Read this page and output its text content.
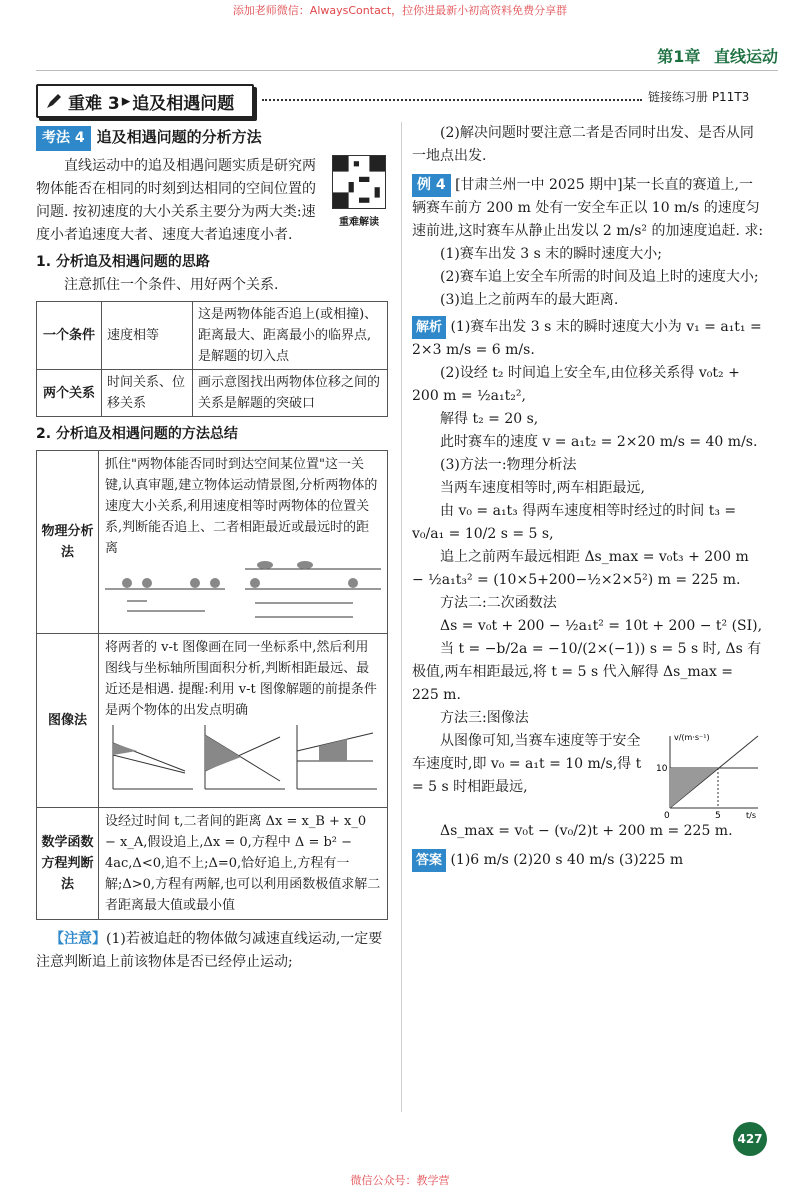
添加老师微信：AlwaysContact，拉你进最新小初高资料免费分享群
第1章 直线运动
重难 3 ▸ 追及相遇问题	链接练习册 P11T3
考法 4 追及相遇问题的分析方法

直线运动中的追及相遇问题实质是研究两物体能否在相同的时刻到达相同的空间位置的问题. 按初速度的大小关系主要分为两大类:速度小者追速度大者、速度大者追速度小者.

重难解读

1. 分析追及相遇问题的思路

注意抓住一个条件、用好两个关系.

一个条件	速度相等	这是两物体能否追上(或相撞)、距离最大、距离最小的临界点,是解题的切入点
两个关系	时间关系、位移关系	画示意图找出两物体位移之间的关系是解题的突破口

2. 分析追及相遇问题的方法总结

物理分析法	抓住"两物体能否同时到达空间某位置"这一关键,认真审题,建立物体运动情景图,分析两物体的速度大小关系,利用速度相等时两物体的位置关系,判断能否追上、二者相距最近或最远时的距离

图像法	将两者的 v-t 图像画在同一坐标系中,然后利用图线与坐标轴所围面积分析,判断相距最远、最近还是相遇. 提醒:利用 v-t 图像解题的前提条件是两个物体的出发点明确

数学函数方程判断法	设经过时间 t,二者间的距离 Δx = x_B + x_0 − x_A,假设追上,Δx = 0,方程中 Δ = b² − 4ac,Δ<0,追不上;Δ=0,恰好追上,方程有一解;Δ>0,方程有两解,也可以利用函数极值求解二者距离最大值或最小值

【注意】(1)若被追赶的物体做匀减速直线运动,一定要注意判断追上前该物体是否已经停止运动;

(2)解决问题时要注意二者是否同时出发、是否从同一地点出发.

例 4 [甘肃兰州一中 2025 期中]某一长直的赛道上,一辆赛车前方 200 m 处有一安全车正以 10 m/s 的速度匀速前进,这时赛车从静止出发以 2 m/s² 的加速度追赶. 求:

(1)赛车出发 3 s 末的瞬时速度大小;

(2)赛车追上安全车所需的时间及追上时的速度大小;

(3)追上之前两车的最大距离.

解析 (1)赛车出发 3 s 末的瞬时速度大小为 v₁ = a₁t₁ = 2×3 m/s = 6 m/s.

(2)设经 t₂ 时间追上安全车,由位移关系得 v₀t₂ + 200 m = ½a₁t₂²,

解得 t₂ = 20 s,

此时赛车的速度 v = a₁t₂ = 2×20 m/s = 40 m/s.

(3)方法一:物理分析法

当两车速度相等时,两车相距最远,

由 v₀ = a₁t₃ 得两车速度相等时经过的时间 t₃ = v₀/a₁ = 10/2 s = 5 s,

追上之前两车最远相距 Δs_max = v₀t₃ + 200 m − ½a₁t₃² = (10×5+200−½×2×5²) m = 225 m.

方法二:二次函数法

Δs = v₀t + 200 − ½a₁t² = 10t + 200 − t² (SI),

当 t = −b/2a = −10/(2×(−1)) s = 5 s 时, Δs 有极值,两车相距最远,将 t = 5 s 代入解得 Δs_max = 225 m.

方法三:图像法

从图像可知,当赛车速度等于安全车速度时,即 v₀ = a₁t = 10 m/s,得 t = 5 s 时相距最远,

v/(m·s⁻¹)
10
0	5	t/s

Δs_max = v₀t − (v₀/2)t + 200 m = 225 m.

答案 (1)6 m/s (2)20 s 40 m/s (3)225 m

427
微信公众号：教学营
